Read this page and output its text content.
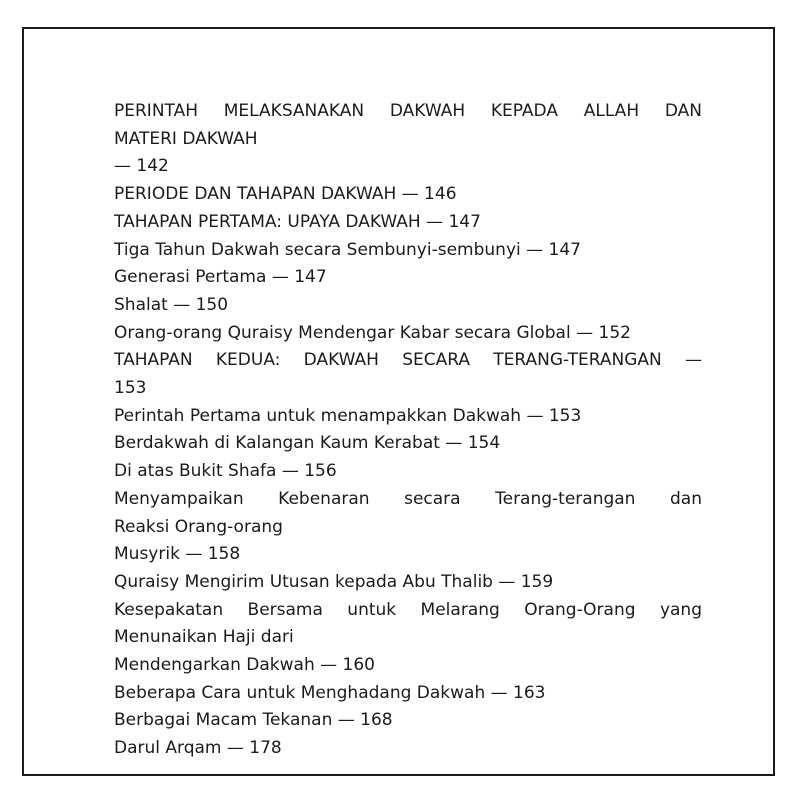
PERINTAH MELAKSANAKAN DAKWAH KEPADA ALLAH DAN
MATERI DAKWAH
— 142
PERIODE DAN TAHAPAN DAKWAH — 146
TAHAPAN PERTAMA: UPAYA DAKWAH — 147
Tiga Tahun Dakwah secara Sembunyi-sembunyi — 147
Generasi Pertama — 147
Shalat — 150
Orang-orang Quraisy Mendengar Kabar secara Global — 152
TAHAPAN KEDUA: DAKWAH SECARA TERANG-TERANGAN —
153
Perintah Pertama untuk menampakkan Dakwah — 153
Berdakwah di Kalangan Kaum Kerabat — 154
Di atas Bukit Shafa — 156
Menyampaikan Kebenaran secara Terang-terangan dan
Reaksi Orang-orang
Musyrik — 158
Quraisy Mengirim Utusan kepada Abu Thalib — 159
Kesepakatan Bersama untuk Melarang Orang-Orang yang
Menunaikan Haji dari
Mendengarkan Dakwah — 160
Beberapa Cara untuk Menghadang Dakwah — 163
Berbagai Macam Tekanan — 168
Darul Arqam — 178
